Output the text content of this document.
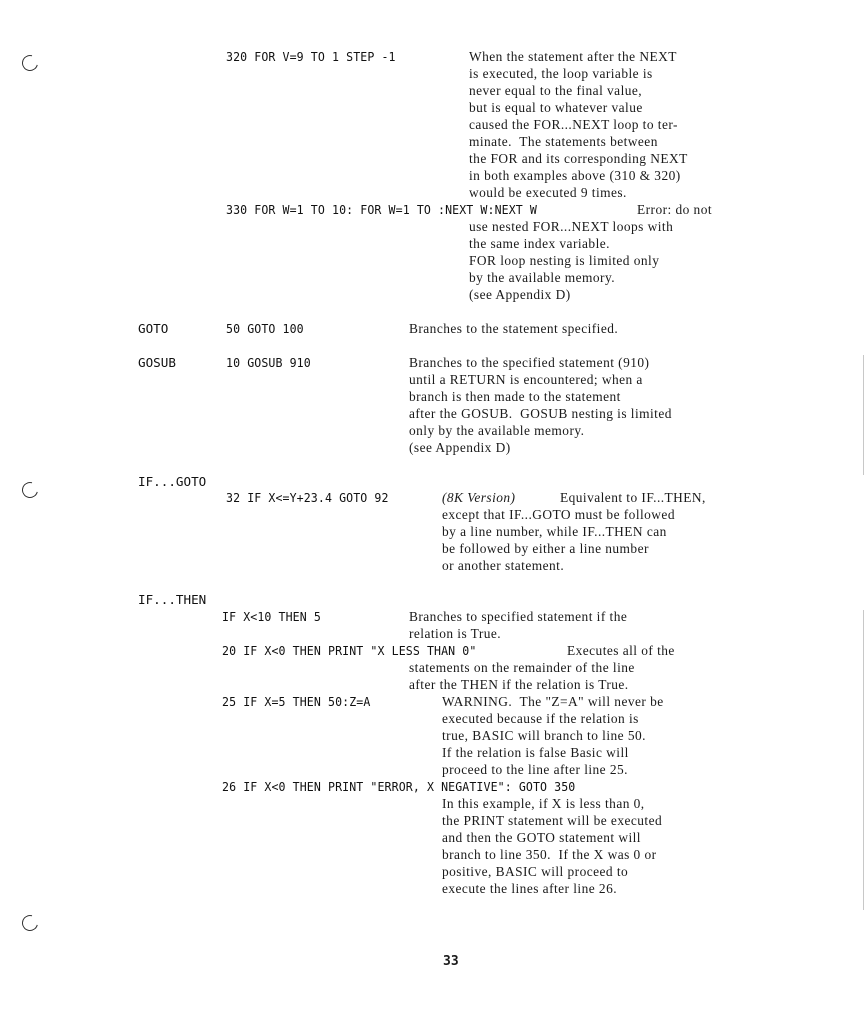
320 FOR V=9 TO 1 STEP -1	When the statement after the NEXT
is executed, the loop variable is
never equal to the final value,
but is equal to whatever value
caused the FOR...NEXT loop to ter-
minate.  The statements between
the FOR and its corresponding NEXT
in both examples above (310 & 320)
would be executed 9 times.
330 FOR W=1 TO 10: FOR W=1 TO :NEXT W:NEXT W	Error: do not
use nested FOR...NEXT loops with
the same index variable.
FOR loop nesting is limited only
by the available memory.
(see Appendix D)
GOTO	50 GOTO 100	Branches to the statement specified.
GOSUB	10 GOSUB 910	Branches to the specified statement (910)
until a RETURN is encountered; when a
branch is then made to the statement
after the GOSUB.  GOSUB nesting is limited
only by the available memory.
(see Appendix D)
IF...GOTO
32 IF X<=Y+23.4 GOTO 92	(8K Version)	Equivalent to IF...THEN,
except that IF...GOTO must be followed
by a line number, while IF...THEN can
be followed by either a line number
or another statement.
IF...THEN
IF X<10 THEN 5	Branches to specified statement if the
relation is True.
20 IF X<0 THEN PRINT "X LESS THAN 0"	Executes all of the
statements on the remainder of the line
after the THEN if the relation is True.
25 IF X=5 THEN 50:Z=A	WARNING.  The "Z=A" will never be
executed because if the relation is
true, BASIC will branch to line 50.
If the relation is false Basic will
proceed to the line after line 25.
26 IF X<0 THEN PRINT "ERROR, X NEGATIVE": GOTO 350
In this example, if X is less than 0,
the PRINT statement will be executed
and then the GOTO statement will
branch to line 350.  If the X was 0 or
positive, BASIC will proceed to
execute the lines after line 26.
33
